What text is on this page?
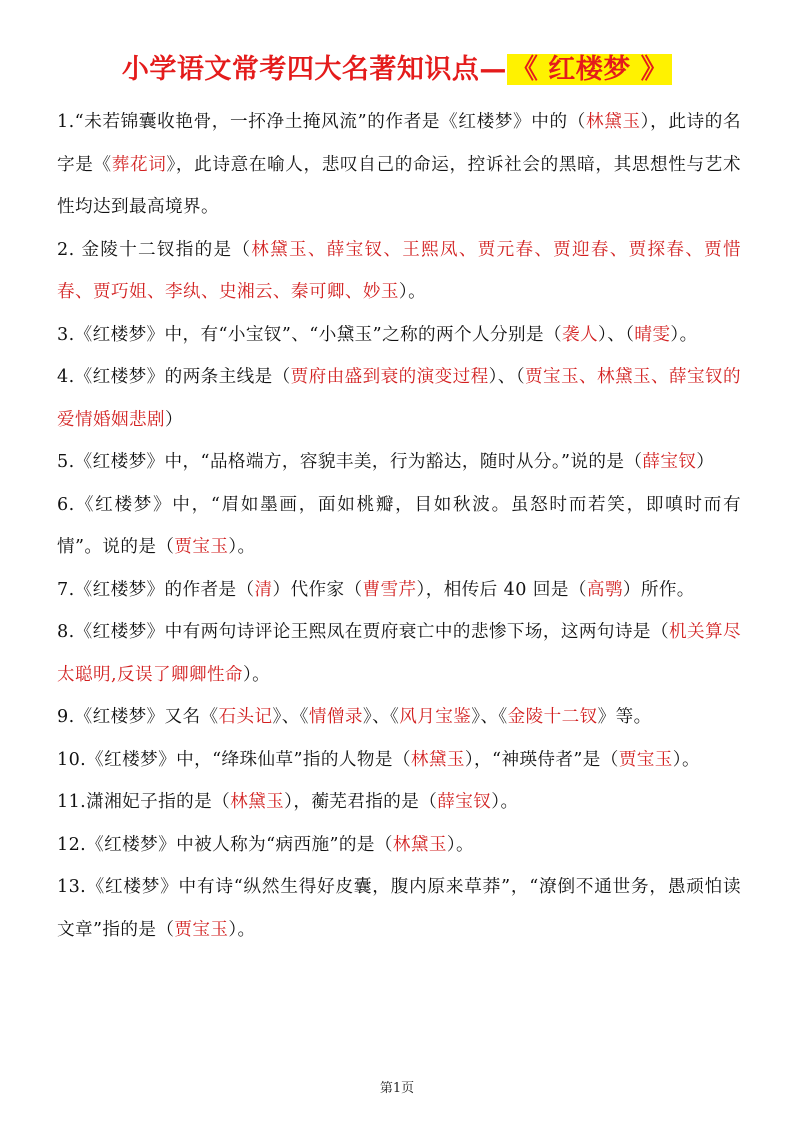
小学语文常考四大名著知识点— 《 红楼梦 》

1.“未若锦囊收艳骨，一抔净土掩风流”的作者是《红楼梦》中的（林黛玉），此诗的名字是《葬花词》，此诗意在喻人，悲叹自己的命运，控诉社会的黑暗，其思想性与艺术性均达到最高境界。

2. 金陵十二钗指的是（林黛玉、薛宝钗、王熙凤、贾元春、贾迎春、贾探春、贾惜春、贾巧姐、李纨、史湘云、秦可卿、妙玉）。

3.《红楼梦》中，有“小宝钗”、“小黛玉”之称的两个人分别是（袭人）、（晴雯）。

4.《红楼梦》的两条主线是（贾府由盛到衰的演变过程）、（贾宝玉、林黛玉、薛宝钗的爱情婚姻悲剧）

5.《红楼梦》中，“品格端方，容貌丰美，行为豁达，随时从分。”说的是（薛宝钗）

6.《红楼梦》中，“眉如墨画，面如桃瓣，目如秋波。虽怒时而若笑，即嗔时而有情”。说的是（贾宝玉）。

7.《红楼梦》的作者是（清）代作家（曹雪芹），相传后 40 回是（高鹗）所作。

8.《红楼梦》中有两句诗评论王熙凤在贾府衰亡中的悲惨下场，这两句诗是（机关算尽太聪明,反误了卿卿性命）。

9.《红楼梦》又名《石头记》、《情僧录》、《风月宝鉴》、《金陵十二钗》等。

10.《红楼梦》中，“绛珠仙草”指的人物是（林黛玉），“神瑛侍者”是（贾宝玉）。

11.潇湘妃子指的是（林黛玉），蘅芜君指的是（薛宝钗）。

12.《红楼梦》中被人称为“病西施”的是（林黛玉）。

13.《红楼梦》中有诗“纵然生得好皮囊，腹内原来草莽”，“潦倒不通世务，愚顽怕读文章”指的是（贾宝玉）。

第1页
